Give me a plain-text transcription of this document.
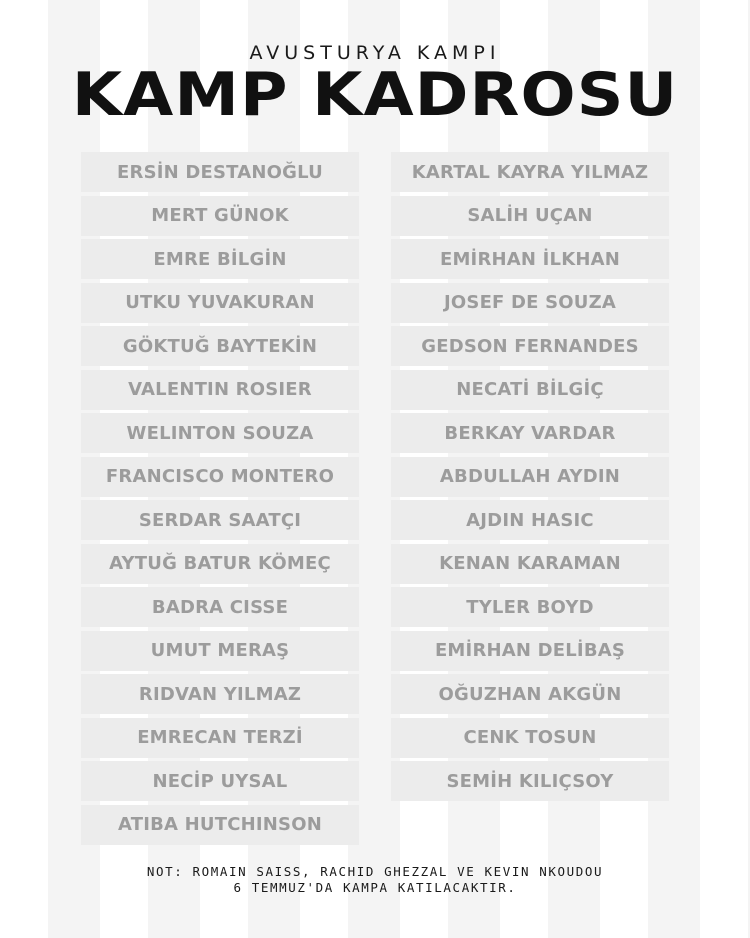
AVUSTURYA KAMPI
KAMP KADROSU
ERSİN DESTANOĞLU
MERT GÜNOK
EMRE BİLGİN
UTKU YUVAKURAN
GÖKTUĞ BAYTEKİN
VALENTIN ROSIER
WELINTON SOUZA
FRANCISCO MONTERO
SERDAR SAATÇI
AYTUĞ BATUR KÖMEÇ
BADRA CISSE
UMUT MERAŞ
RIDVAN YILMAZ
EMRECAN TERZİ
NECİP UYSAL
ATIBA HUTCHINSON
KARTAL KAYRA YILMAZ
SALİH UÇAN
EMİRHAN İLKHAN
JOSEF DE SOUZA
GEDSON FERNANDES
NECATİ BİLGİÇ
BERKAY VARDAR
ABDULLAH AYDIN
AJDIN HASIC
KENAN KARAMAN
TYLER BOYD
EMİRHAN DELİBAŞ
OĞUZHAN AKGÜN
CENK TOSUN
SEMİH KILIÇSOY
NOT: ROMAIN SAISS, RACHID GHEZZAL VE KEVIN NKOUDOU
6 TEMMUZ'DA KAMPA KATILACAKTIR.
